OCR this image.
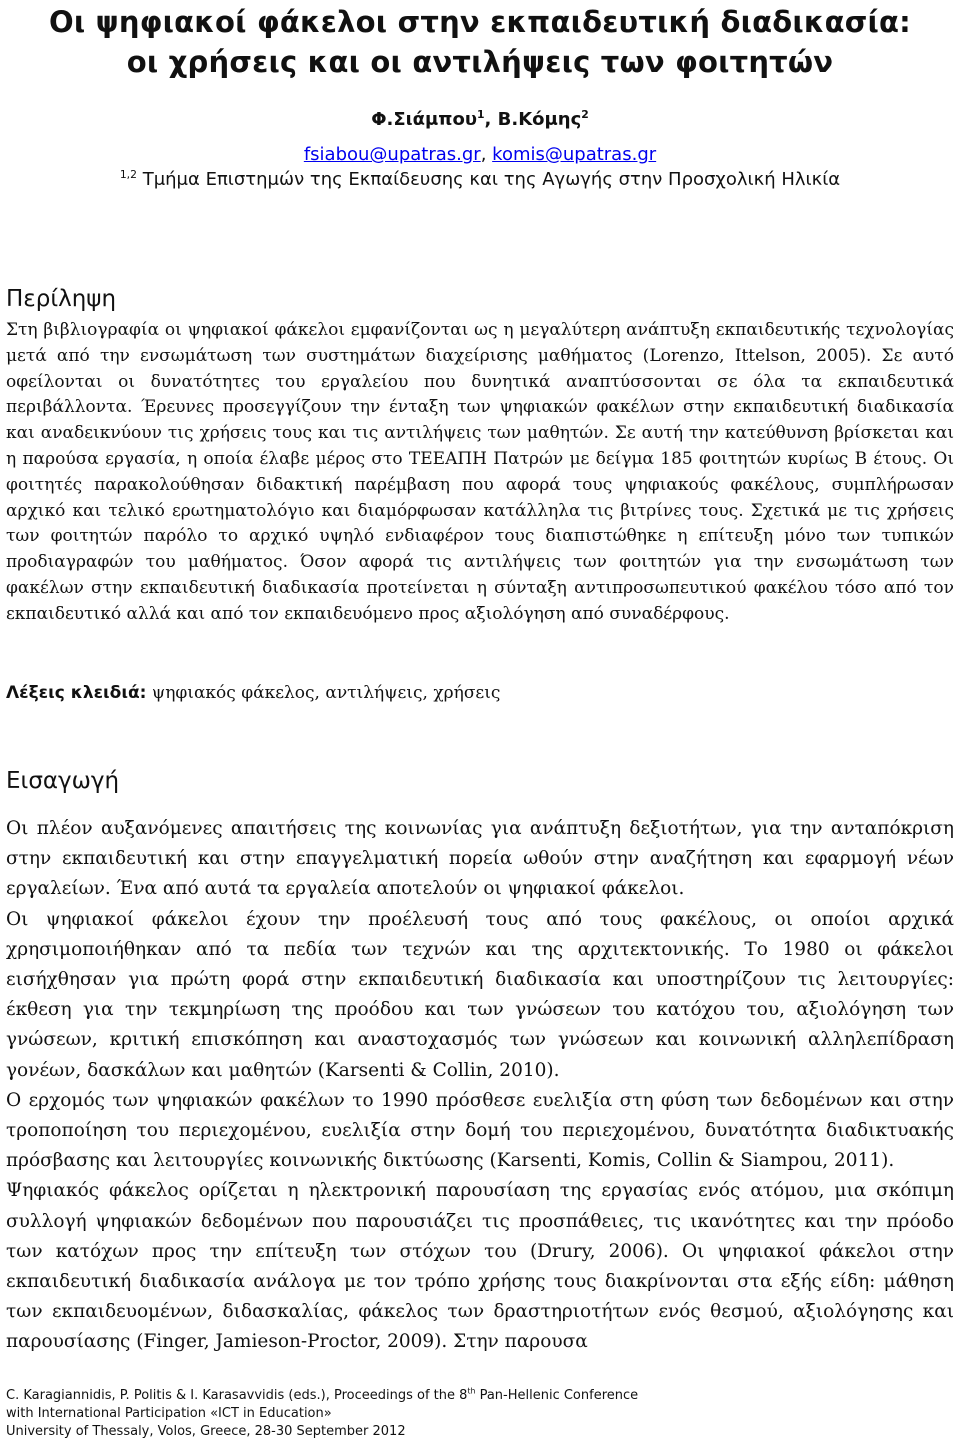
Οι ψηφιακοί φάκελοι στην εκπαιδευτική διαδικασία:
οι χρήσεις και οι αντιλήψεις των φοιτητών
Φ.Σιάμπου$^1$, Β.Κόμης$^2$
fsiabou@upatras.gr, komis@upatras.gr
$^{1,2}$ Τμήμα Επιστημών της Εκπαίδευσης και της Αγωγής στην Προσχολική Ηλικία
Περίληψη

Στη βιβλιογραφία οι ψηφιακοί φάκελοι εμφανίζονται ως η μεγαλύτερη ανάπτυξη εκπαιδευτικής τεχνολογίας μετά από την ενσωμάτωση των συστημάτων διαχείρισης μαθήματος (Lorenzo, Ittelson, 2005). Σε αυτό οφείλονται οι δυνατότητες του εργαλείου που δυνητικά αναπτύσσονται σε όλα τα εκπαιδευτικά περιβάλλοντα. Έρευνες προσεγγίζουν την ένταξη των ψηφιακών φακέλων στην εκπαιδευτική διαδικασία και αναδεικνύουν τις χρήσεις τους και τις αντιλήψεις των μαθητών. Σε αυτή την κατεύθυνση βρίσκεται και η παρούσα εργασία, η οποία έλαβε μέρος στο ΤΕΕΑΠΗ Πατρών με δείγμα 185 φοιτητών κυρίως Β έτους. Οι φοιτητές παρακολούθησαν διδακτική παρέμβαση που αφορά τους ψηφιακούς φακέλους, συμπλήρωσαν αρχικό και τελικό ερωτηματολόγιο και διαμόρφωσαν κατάλληλα τις βιτρίνες τους. Σχετικά με τις χρήσεις των φοιτητών παρόλο το αρχικό υψηλό ενδιαφέρον τους διαπιστώθηκε η επίτευξη μόνο των τυπικών προδιαγραφών του μαθήματος. Όσον αφορά τις αντιλήψεις των φοιτητών για την ενσωμάτωση των φακέλων στην εκπαιδευτική διαδικασία προτείνεται η σύνταξη αντιπροσωπευτικού φακέλου τόσο από τον εκπαιδευτικό αλλά και από τον εκπαιδευόμενο προς αξιολόγηση από συναδέρφους.

Λέξεις κλειδιά: ψηφιακός φάκελος, αντιλήψεις, χρήσεις

Εισαγωγή

Οι πλέον αυξανόμενες απαιτήσεις της κοινωνίας για ανάπτυξη δεξιοτήτων, για την ανταπόκριση στην εκπαιδευτική και στην επαγγελματική πορεία ωθούν στην αναζήτηση και εφαρμογή νέων εργαλείων. Ένα από αυτά τα εργαλεία αποτελούν οι ψηφιακοί φάκελοι.

Οι ψηφιακοί φάκελοι έχουν την προέλευσή τους από τους φακέλους, οι οποίοι αρχικά χρησιμοποιήθηκαν από τα πεδία των τεχνών και της αρχιτεκτονικής. Το 1980 οι φάκελοι εισήχθησαν για πρώτη φορά στην εκπαιδευτική διαδικασία και υποστηρίζουν τις λειτουργίες: έκθεση για την τεκμηρίωση της προόδου και των γνώσεων του κατόχου του, αξιολόγηση των γνώσεων, κριτική επισκόπηση και αναστοχασμός των γνώσεων και κοινωνική αλληλεπίδραση γονέων, δασκάλων και μαθητών (Karsenti & Collin, 2010).

Ο ερχομός των ψηφιακών φακέλων το 1990 πρόσθεσε ευελιξία στη φύση των δεδομένων και στην τροποποίηση του περιεχομένου, ευελιξία στην δομή του περιεχομένου, δυνατότητα διαδικτυακής πρόσβασης και λειτουργίες κοινωνικής δικτύωσης (Karsenti, Komis, Collin & Siampou, 2011).

Ψηφιακός φάκελος ορίζεται η ηλεκτρονική παρουσίαση της εργασίας ενός ατόμου, μια σκόπιμη συλλογή ψηφιακών δεδομένων που παρουσιάζει τις προσπάθειες, τις ικανότητες και την πρόοδο των κατόχων προς την επίτευξη των στόχων του (Drury, 2006). Οι ψηφιακοί φάκελοι στην εκπαιδευτική διαδικασία ανάλογα με τον τρόπο χρήσης τους διακρίνονται στα εξής είδη: μάθηση των εκπαιδευομένων, διδασκαλίας, φάκελος των δραστηριοτήτων ενός θεσμού, αξιολόγησης και παρουσίασης (Finger, Jamieson-Proctor, 2009). Στην παρουσα

C. Karagiannidis, P. Politis & I. Karasavvidis (eds.), Proceedings of the 8th Pan-Hellenic Conference
with International Participation «ICT in Education»
University of Thessaly, Volos, Greece, 28-30 September 2012
